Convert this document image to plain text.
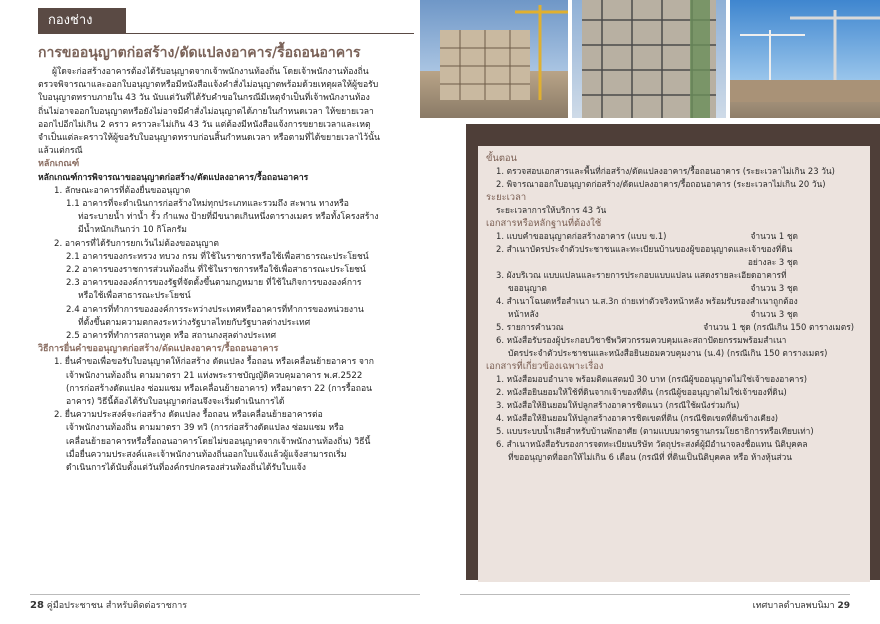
กองช่าง
การขออนุญาตก่อสร้าง/ดัดแปลงอาคาร/รื้อถอนอาคาร

ผู้ใดจะก่อสร้างอาคารต้องได้รับอนุญาตจากเจ้าพนักงานท้องถิ่น โดยเจ้าพนักงานท้องถิ่น

ตรวจพิจารณาและออกใบอนุญาตหรือมีหนังสือแจ้งคำสั่งไม่อนุญาตพร้อมด้วยเหตุผลให้ผู้ขอรับ

ใบอนุญาตทราบภายใน 43 วัน นับแต่วันที่ได้รับคำขอในกรณีมีเหตุจำเป็นที่เจ้าพนักงานท้อง

ถิ่นไม่อาจออกใบอนุญาตหรือยังไม่อาจมีคำสั่งไม่อนุญาตได้ภายในกำหนดเวลา ให้ขยายเวลา

ออกไปอีกไม่เกิน 2 คราว คราวละไม่เกิน 43 วัน แต่ต้องมีหนังสือแจ้งการขยายเวลาและเหตุ

จำเป็นแต่ละคราวให้ผู้ขอรับใบอนุญาตทราบก่อนสิ้นกำหนดเวลา หรือตามที่ได้ขยายเวลาไว้นั้น

แล้วแต่กรณี

หลักเกณฑ์

หลักเกณฑ์การพิจารณาขออนุญาตก่อสร้าง/ดัดแปลงอาคาร/รื้อถอนอาคาร

1. ลักษณะอาคารที่ต้องยื่นขออนุญาต

1.1 อาคารที่จะดำเนินการก่อสร้างใหม่ทุกประเภทและรวมถึง สะพาน ทางหรือ

ท่อระบายน้ำ ท่าน้ำ รั้ว กำแพง ป้ายที่มีขนาดเกินหนึ่งตารางเมตร หรือทั้งโครงสร้าง

มีน้ำหนักเกินกว่า 10 กิโลกรัม

2. อาคารที่ได้รับการยกเว้นไม่ต้องขออนุญาต

2.1 อาคารของกระทรวง ทบวง กรม ที่ใช้ในราชการหรือใช้เพื่อสาธารณะประโยชน์

2.2 อาคารของราชการส่วนท้องถิ่น ที่ใช้ในราชการหรือใช้เพื่อสาธารณะประโยชน์

2.3 อาคารขององค์การของรัฐที่จัดตั้งขึ้นตามกฎหมาย ที่ใช้ในกิจการขององค์การ

หรือใช้เพื่อสาธารณะประโยชน์

2.4 อาคารที่ทำการขององค์การระหว่างประเทศหรืออาคารที่ทำการของหน่วยงาน

ที่ตั้งขึ้นตามความตกลงระหว่างรัฐบาลไทยกับรัฐบาลต่างประเทศ

2.5 อาคารที่ทำการสถานทูต หรือ สถานกงสุลต่างประเทศ

วิธีการยื่นคำขออนุญาตก่อสร้าง/ดัดแปลงอาคาร/รื้อถอนอาคาร

1. ยื่นคำขอเพื่อขอรับใบอนุญาตให้ก่อสร้าง ดัดแปลง รื้อถอน หรือเคลื่อนย้ายอาคาร จาก

เจ้าพนักงานท้องถิ่น ตามมาตรา 21 แห่งพระราชบัญญัติควบคุมอาคาร พ.ศ.2522

(การก่อสร้างดัดแปลง ซ่อมแซม หรือเคลื่อนย้ายอาคาร) หรือมาตรา 22 (การรื้อถอน

อาคาร) วิธีนี้ต้องได้รับใบอนุญาตก่อนจึงจะเริ่มดำเนินการได้

2. ยื่นความประสงค์จะก่อสร้าง ดัดแปลง รื้อถอน หรือเคลื่อนย้ายอาคารต่อ

เจ้าพนักงานท้องถิ่น ตามมาตรา 39 ทวิ (การก่อสร้างดัดแปลง ซ่อมแซม หรือ

เคลื่อนย้ายอาคารหรือรื้อถอนอาคารโดยไม่ขออนุญาตจากเจ้าพนักงานท้องถิ่น) วิธีนี้

เมื่อยื่นความประสงค์และเจ้าพนักงานท้องถิ่นออกใบแจ้งแล้วผู้แจ้งสามารถเริ่ม

ดำเนินการได้นับตั้งแต่วันที่องค์กรปกครองส่วนท้องถิ่นได้รับใบแจ้ง

28 คู่มือประชาชน สำหรับติดต่อราชการ

ขั้นตอน

1. ตรวจสอบเอกสารและพื้นที่ก่อสร้าง/ดัดแปลงอาคาร/รื้อถอนอาคาร (ระยะเวลาไม่เกิน 23 วัน)

2. พิจารณาออกใบอนุญาตก่อสร้าง/ดัดแปลงอาคาร/รื้อถอนอาคาร (ระยะเวลาไม่เกิน 20 วัน)

ระยะเวลา

ระยะเวลาการให้บริการ 43 วัน

เอกสารหรือหลักฐานที่ต้องใช้

1. แบบคำขออนุญาตก่อสร้างอาคาร (แบบ ข.1)	จำนวน 1 ชุด

2. สำเนาบัตรประจำตัวประชาชนและทะเบียนบ้านของผู้ขออนุญาตและเจ้าของที่ดิน

อย่างละ 3 ชุด

3. ผังบริเวณ แบบแปลนและรายการประกอบแบบแปลน แสดงรายละเอียดอาคารที่

ขออนุญาต	จำนวน 3 ชุด

4. สำเนาโฉนดหรือสำเนา น.ส.3ก ถ่ายเท่าตัวจริงหน้าหลัง พร้อมรับรองสำเนาถูกต้อง

หน้าหลัง	จำนวน 3 ชุด

5. รายการคำนวณ	จำนวน 1 ชุด (กรณีเกิน 150 ตารางเมตร)

6. หนังสือรับรองผู้ประกอบวิชาชีพวิศวกรรมควบคุมและสถาปัตยกรรมพร้อมสำเนา

บัตรประจำตัวประชาชนและหนังสือยินยอมควบคุมงาน (น.4) (กรณีเกิน 150 ตารางเมตร)

เอกสารที่เกี่ยวข้องเฉพาะเรื่อง

1. หนังสือมอบอำนาจ พร้อมติดแสตมป์ 30 บาท (กรณีผู้ขออนุญาตไม่ใช่เจ้าของอาคาร)

2. หนังสือยินยอมให้ใช้ที่ดินจากเจ้าของที่ดิน (กรณีผู้ขออนุญาตไม่ใช่เจ้าของที่ดิน)

3. หนังสือให้ยินยอมให้ปลูกสร้างอาคารชิดแนว (กรณีใช้ผนังร่วมกัน)

4. หนังสือให้ยินยอมให้ปลูกสร้างอาคารชิดเขตที่ดิน (กรณีชิดเขตที่ดินข้างเคียง)

5. แบบระบบน้ำเสียสำหรับบ้านพักอาศัย (ตามแบบมาตรฐานกรมโยธาธิการหรือเทียบเท่า)

6. สำเนาหนังสือรับรองการจดทะเบียนบริษัท วัตถุประสงค์ผู้มีอำนาจลงชื่อแทน นิติบุคคล

ที่ขออนุญาตที่ออกให้ไม่เกิน 6 เดือน (กรณีที่ ที่ดินเป็นนิติบุคคล หรือ ห้างหุ้นส่วน

เทศบาลตำบลพบนิมา 29
